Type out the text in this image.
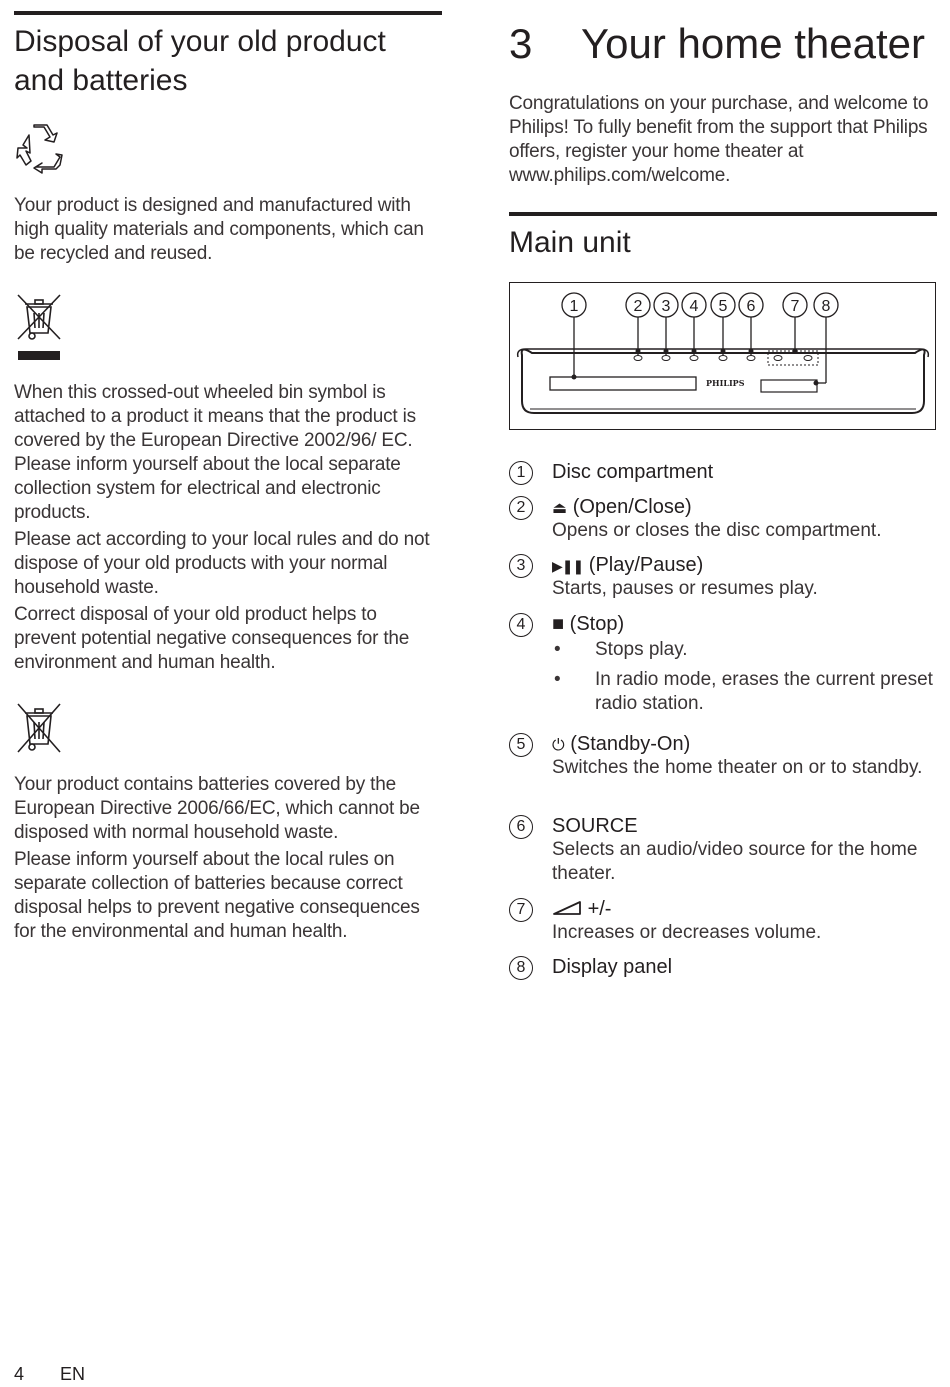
Disposal of your old product and batteries

Your product is designed and manufactured with high quality materials and components, which can be recycled and reused.

When this crossed-out wheeled bin symbol is attached to a product it means that the product is covered by the European Directive 2002/96/ EC. Please inform yourself about the local separate collection system for electrical and electronic products.

Please act according to your local rules and do not dispose of your old products with your normal household waste.

Correct disposal of your old product helps to prevent potential negative consequences for the environment and human health.

Your product contains batteries covered by the European Directive 2006/66/EC, which cannot be disposed with normal household waste.

Please inform yourself about the local rules on separate collection of batteries because correct disposal helps to prevent negative consequences for the environmental and human health.

3 Your home theater

Congratulations on your purchase, and welcome to Philips! To fully benefit from the support that Philips offers, register your home theater at www.philips.com/welcome.

Main unit
PHILIPS
1	2 3 4 5 6 7 8
1	Disc compartment
2	⏏ (Open/Close)
Opens or closes the disc compartment.
3	▶❚❚ (Play/Pause)
Starts, pauses or resumes play.
4	■ (Stop)
• Stops play.
• In radio mode, erases the current preset radio station.
5	⏻ (Standby-On)
Switches the home theater on or to standby.
6	SOURCE
Selects an audio/video source for the home theater.
7	+/-
Increases or decreases volume.
8	Display panel
4 EN
